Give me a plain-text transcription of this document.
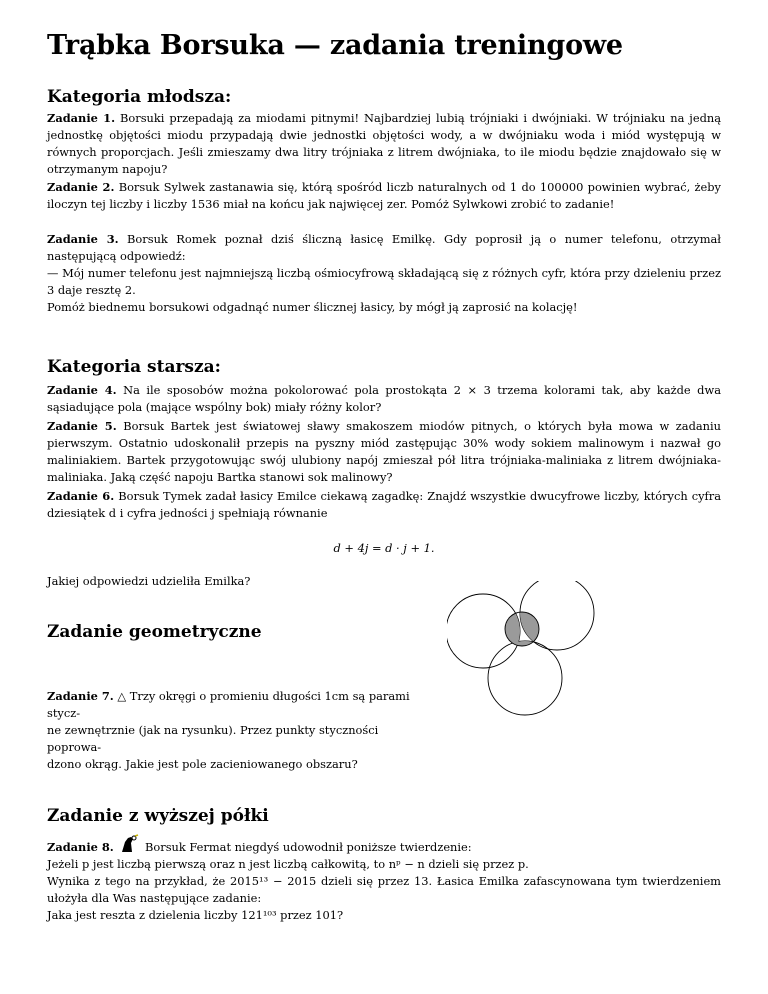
Trąbka Borsuka — zadania treningowe
Kategoria młodsza:

Zadanie 1. Borsuki przepadają za miodami pitnymi! Najbardziej lubią trójniaki i dwójniaki. W trójniaku na jedną jednostkę objętości miodu przypadają dwie jednostki objętości wody, a w dwójniaku woda i miód występują w równych proporcjach. Jeśli zmieszamy dwa litry trójniaka z litrem dwójniaka, to ile miodu będzie znajdowało się w otrzymanym napoju?

Zadanie 2. Borsuk Sylwek zastanawia się, którą spośród liczb naturalnych od 1 do 100000 powinien wybrać, żeby iloczyn tej liczby i liczby 1536 miał na końcu jak najwięcej zer. Pomóż Sylwkowi zrobić to zadanie!

Zadanie 3. Borsuk Romek poznał dziś śliczną łasicę Emilkę. Gdy poprosił ją o numer telefonu, otrzymał następującą odpowiedź:
— Mój numer telefonu jest najmniejszą liczbą ośmiocyfrową składającą się z różnych cyfr, która przy dzieleniu przez 3 daje resztę 2.
Pomóż biednemu borsukowi odgadnąć numer ślicznej łasicy, by mógł ją zaprosić na kolację!

Kategoria starsza:

Zadanie 4. Na ile sposobów można pokolorować pola prostokąta 2 × 3 trzema kolorami tak, aby każde dwa sąsiadujące pola (mające wspólny bok) miały różny kolor?

Zadanie 5. Borsuk Bartek jest światowej sławy smakoszem miodów pitnych, o których była mowa w zadaniu pierwszym. Ostatnio udoskonalił przepis na pyszny miód zastępując 30% wody sokiem malinowym i nazwał go maliniakiem. Bartek przygotowując swój ulubiony napój zmieszał pół litra trójniaka-maliniaka z litrem dwójniaka-maliniaka. Jaką część napoju Bartka stanowi sok malinowy?

Zadanie 6. Borsuk Tymek zadał łasicy Emilce ciekawą zagadkę: Znajdź wszystkie dwucyfrowe liczby, których cyfra dziesiątek d i cyfra jedności j spełniają równanie

d + 4j = d · j + 1.

Jakiej odpowiedzi udzieliła Emilka?

Zadanie geometryczne

Zadanie 7. △ Trzy okręgi o promieniu długości 1cm są parami stycz-
ne zewnętrznie (jak na rysunku). Przez punkty styczności poprowa-
dzono okrąg. Jakie jest pole zacieniowanego obszaru?

Zadanie z wyższej półki

Zadanie 8.	Borsuk Fermat niegdyś udowodnił poniższe twierdzenie:
Jeżeli p jest liczbą pierwszą oraz n jest liczbą całkowitą, to nᵖ − n dzieli się przez p.
Wynika z tego na przykład, że 2015¹³ − 2015 dzieli się przez 13. Łasica Emilka zafascynowana tym twierdzeniem ułożyła dla Was następujące zadanie:
Jaka jest reszta z dzielenia liczby 121¹⁰³ przez 101?
